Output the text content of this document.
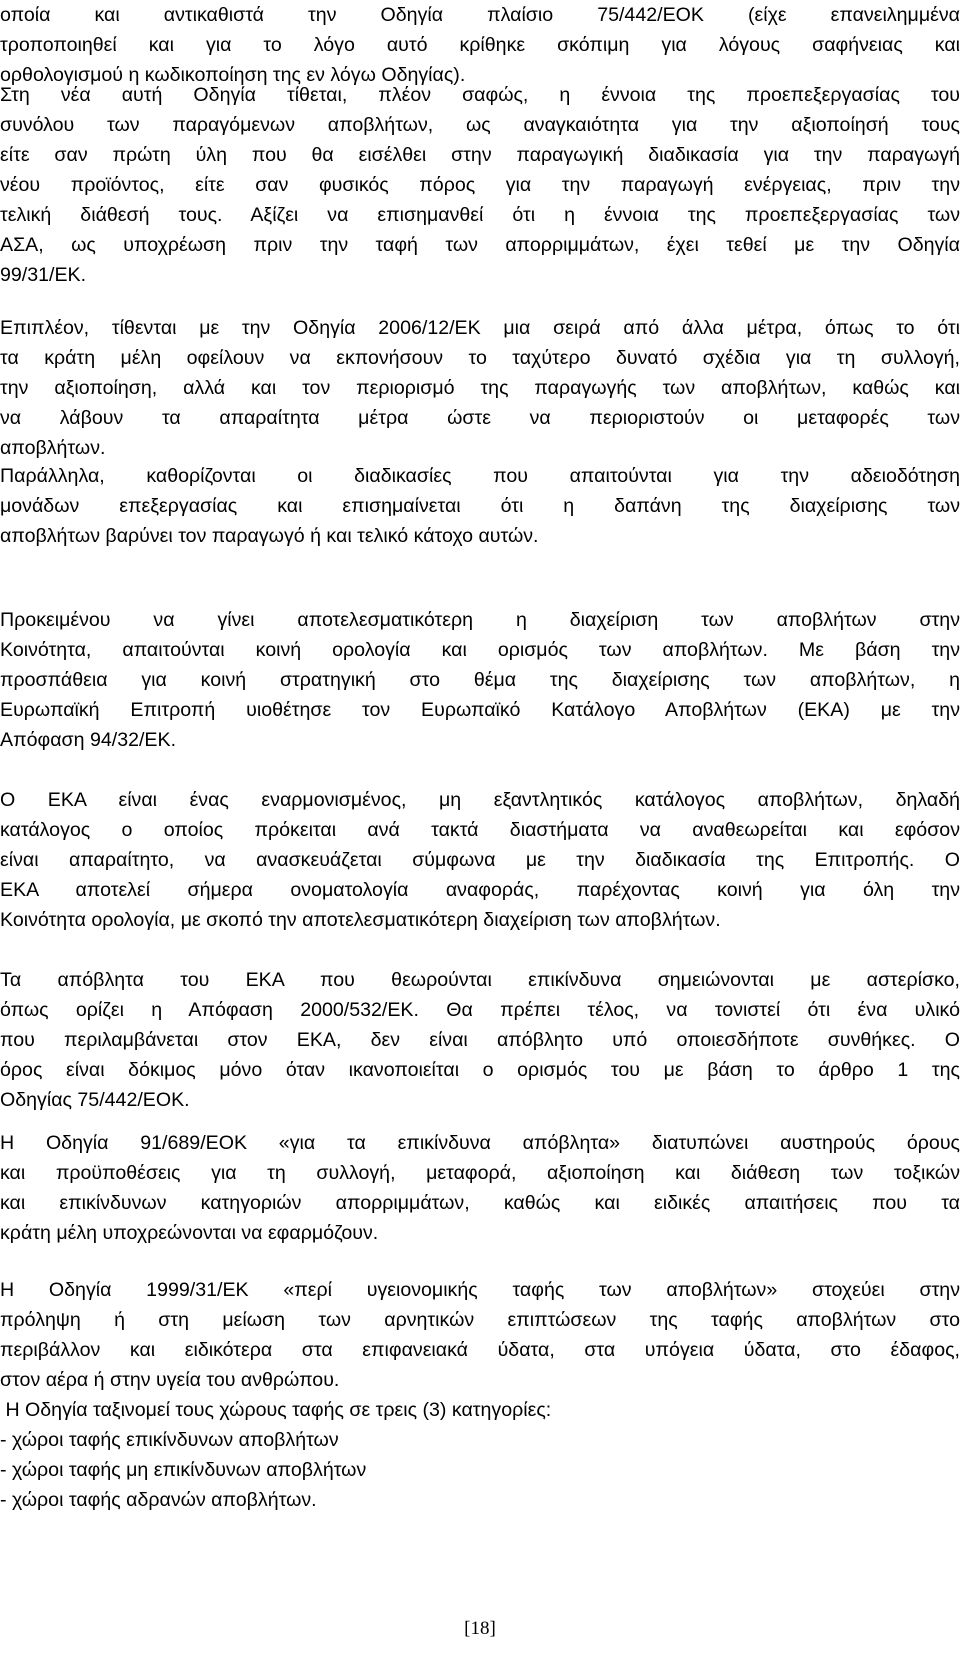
οποία και αντικαθιστά την Οδηγία πλαίσιο 75/442/ΕΟΚ (είχε επανειλημμένα
τροποποιηθεί και για το λόγο αυτό κρίθηκε σκόπιμη για λόγους σαφήνειας και
ορθολογισμού η κωδικοποίηση της εν λόγω Οδηγίας).
Στη νέα αυτή Οδηγία τίθεται, πλέον σαφώς, η έννοια της προεπεξεργασίας του
συνόλου των παραγόμενων αποβλήτων, ως αναγκαιότητα για την αξιοποίησή τους
είτε σαν πρώτη ύλη που θα εισέλθει στην παραγωγική διαδικασία για την παραγωγή
νέου προϊόντος, είτε σαν φυσικός πόρος για την παραγωγή ενέργειας, πριν την
τελική διάθεσή τους. Αξίζει να επισημανθεί ότι η έννοια της προεπεξεργασίας των
ΑΣΑ, ως υποχρέωση πριν την ταφή των απορριμμάτων, έχει τεθεί με την Οδηγία
99/31/ΕΚ.
Επιπλέον, τίθενται με την Οδηγία 2006/12/ΕΚ μια σειρά από άλλα μέτρα, όπως το ότι
τα κράτη μέλη οφείλουν να εκπονήσουν το ταχύτερο δυνατό σχέδια για τη συλλογή,
την αξιοποίηση, αλλά και τον περιορισμό της παραγωγής των αποβλήτων, καθώς και
να λάβουν τα απαραίτητα μέτρα ώστε να περιοριστούν οι μεταφορές των
αποβλήτων.
Παράλληλα, καθορίζονται οι διαδικασίες που απαιτούνται για την αδειοδότηση
μονάδων επεξεργασίας και επισημαίνεται ότι η δαπάνη της διαχείρισης των
αποβλήτων βαρύνει τον παραγωγό ή και τελικό κάτοχο αυτών.
Προκειμένου να γίνει αποτελεσματικότερη η διαχείριση των αποβλήτων στην
Κοινότητα, απαιτούνται κοινή ορολογία και ορισμός των αποβλήτων. Με βάση την
προσπάθεια για κοινή στρατηγική στο θέμα της διαχείρισης των αποβλήτων, η
Ευρωπαϊκή Επιτροπή υιοθέτησε τον Ευρωπαϊκό Κατάλογο Αποβλήτων (ΕΚΑ) με την
Απόφαση 94/32/ΕΚ.
Ο ΕΚΑ είναι ένας εναρμονισμένος, μη εξαντλητικός κατάλογος αποβλήτων, δηλαδή
κατάλογος ο οποίος πρόκειται ανά τακτά διαστήματα να αναθεωρείται και εφόσον
είναι απαραίτητο, να ανασκευάζεται σύμφωνα με την διαδικασία της Επιτροπής. Ο
ΕΚΑ αποτελεί σήμερα ονοματολογία αναφοράς, παρέχοντας κοινή για όλη την
Κοινότητα ορολογία, με σκοπό την αποτελεσματικότερη διαχείριση των αποβλήτων.
Τα απόβλητα του ΕΚΑ που θεωρούνται επικίνδυνα σημειώνονται με αστερίσκο,
όπως ορίζει η Απόφαση 2000/532/ΕΚ. Θα πρέπει τέλος, να τονιστεί ότι ένα υλικό
που περιλαμβάνεται στον ΕΚΑ, δεν είναι απόβλητο υπό οποιεσδήποτε συνθήκες. Ο
όρος είναι δόκιμος μόνο όταν ικανοποιείται ο ορισμός του με βάση το άρθρο 1 της
Οδηγίας 75/442/ΕΟΚ.
Η Οδηγία 91/689/ΕΟΚ «για τα επικίνδυνα απόβλητα» διατυπώνει αυστηρούς όρους
και προϋποθέσεις για τη συλλογή, μεταφορά, αξιοποίηση και διάθεση των τοξικών
και επικίνδυνων κατηγοριών απορριμμάτων, καθώς και ειδικές απαιτήσεις που τα
κράτη μέλη υποχρεώνονται να εφαρμόζουν.
Η Οδηγία 1999/31/ΕΚ «περί υγειονομικής ταφής των αποβλήτων» στοχεύει στην
πρόληψη ή στη μείωση των αρνητικών επιπτώσεων της ταφής αποβλήτων στο
περιβάλλον και ειδικότερα στα επιφανειακά ύδατα, στα υπόγεια ύδατα, στο έδαφος,
στον αέρα ή στην υγεία του ανθρώπου.
Η Οδηγία ταξινομεί τους χώρους ταφής σε τρεις (3) κατηγορίες:
- χώροι ταφής επικίνδυνων αποβλήτων
- χώροι ταφής μη επικίνδυνων αποβλήτων
- χώροι ταφής αδρανών αποβλήτων.
[18]
